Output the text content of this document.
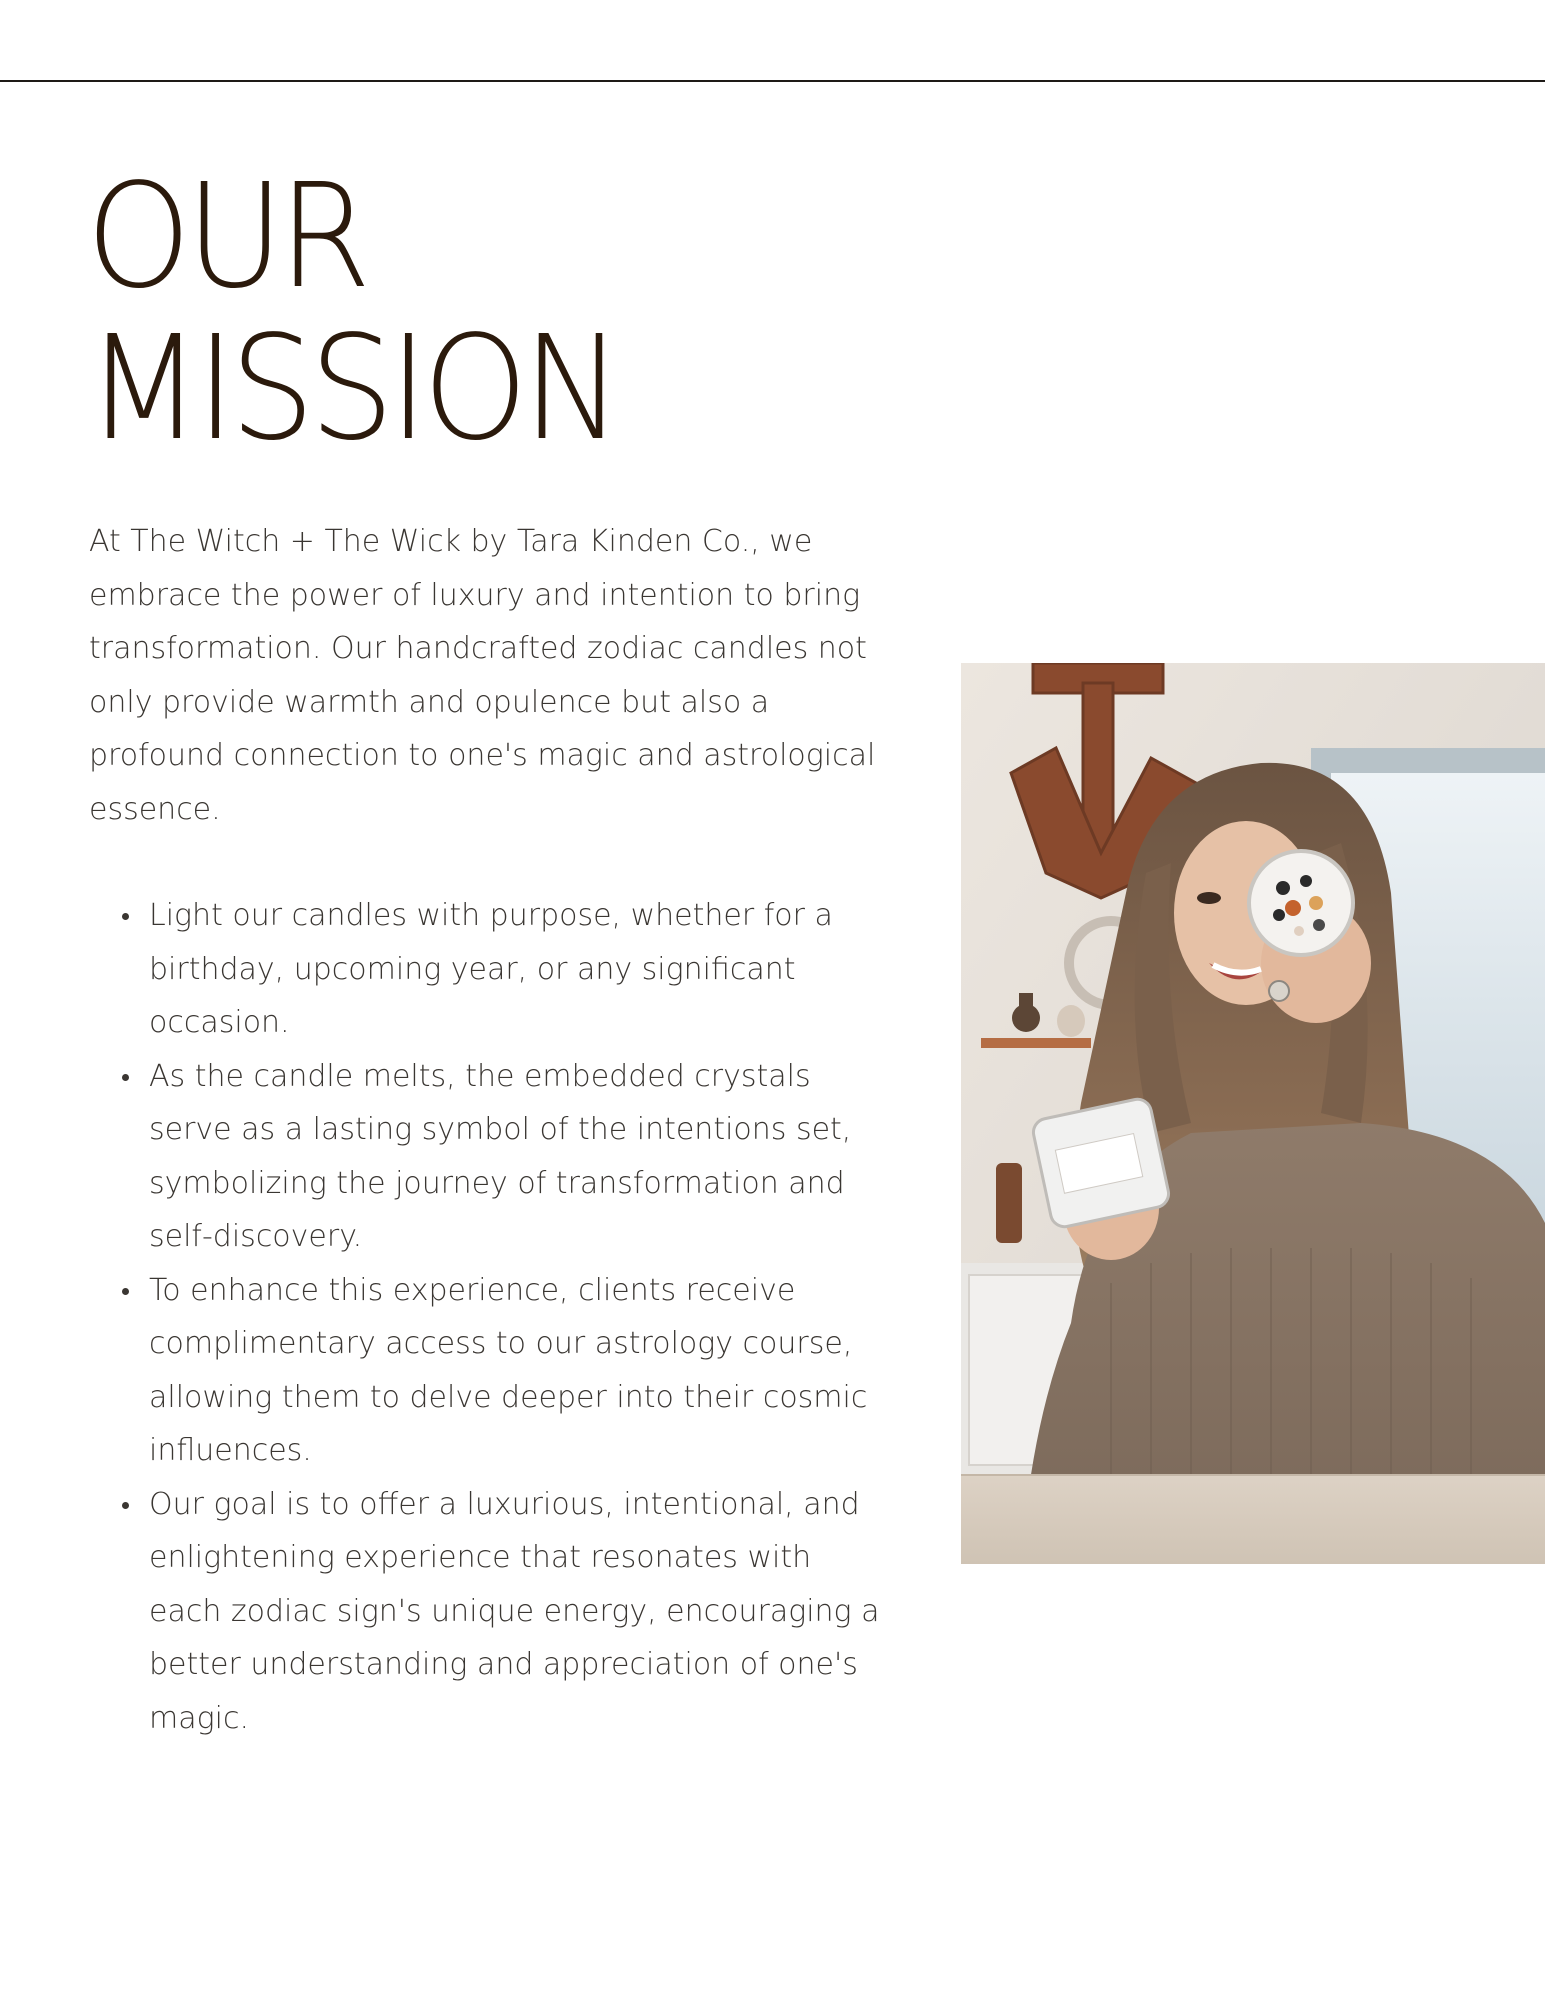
OUR
MISSION

At The Witch + The Wick by Tara Kinden Co., we embrace the power of luxury and intention to bring transformation. Our handcrafted zodiac candles not only provide warmth and opulence but also a profound connection to one's magic and astrological essence.

Light our candles with purpose, whether for a birthday, upcoming year, or any significant occasion.
As the candle melts, the embedded crystals serve as a lasting symbol of the intentions set, symbolizing the journey of transformation and self-discovery.
To enhance this experience, clients receive complimentary access to our astrology course, allowing them to delve deeper into their cosmic influences.
Our goal is to offer a luxurious, intentional, and enlightening experience that resonates with each zodiac sign's unique energy, encouraging a better understanding and appreciation of one's magic.
